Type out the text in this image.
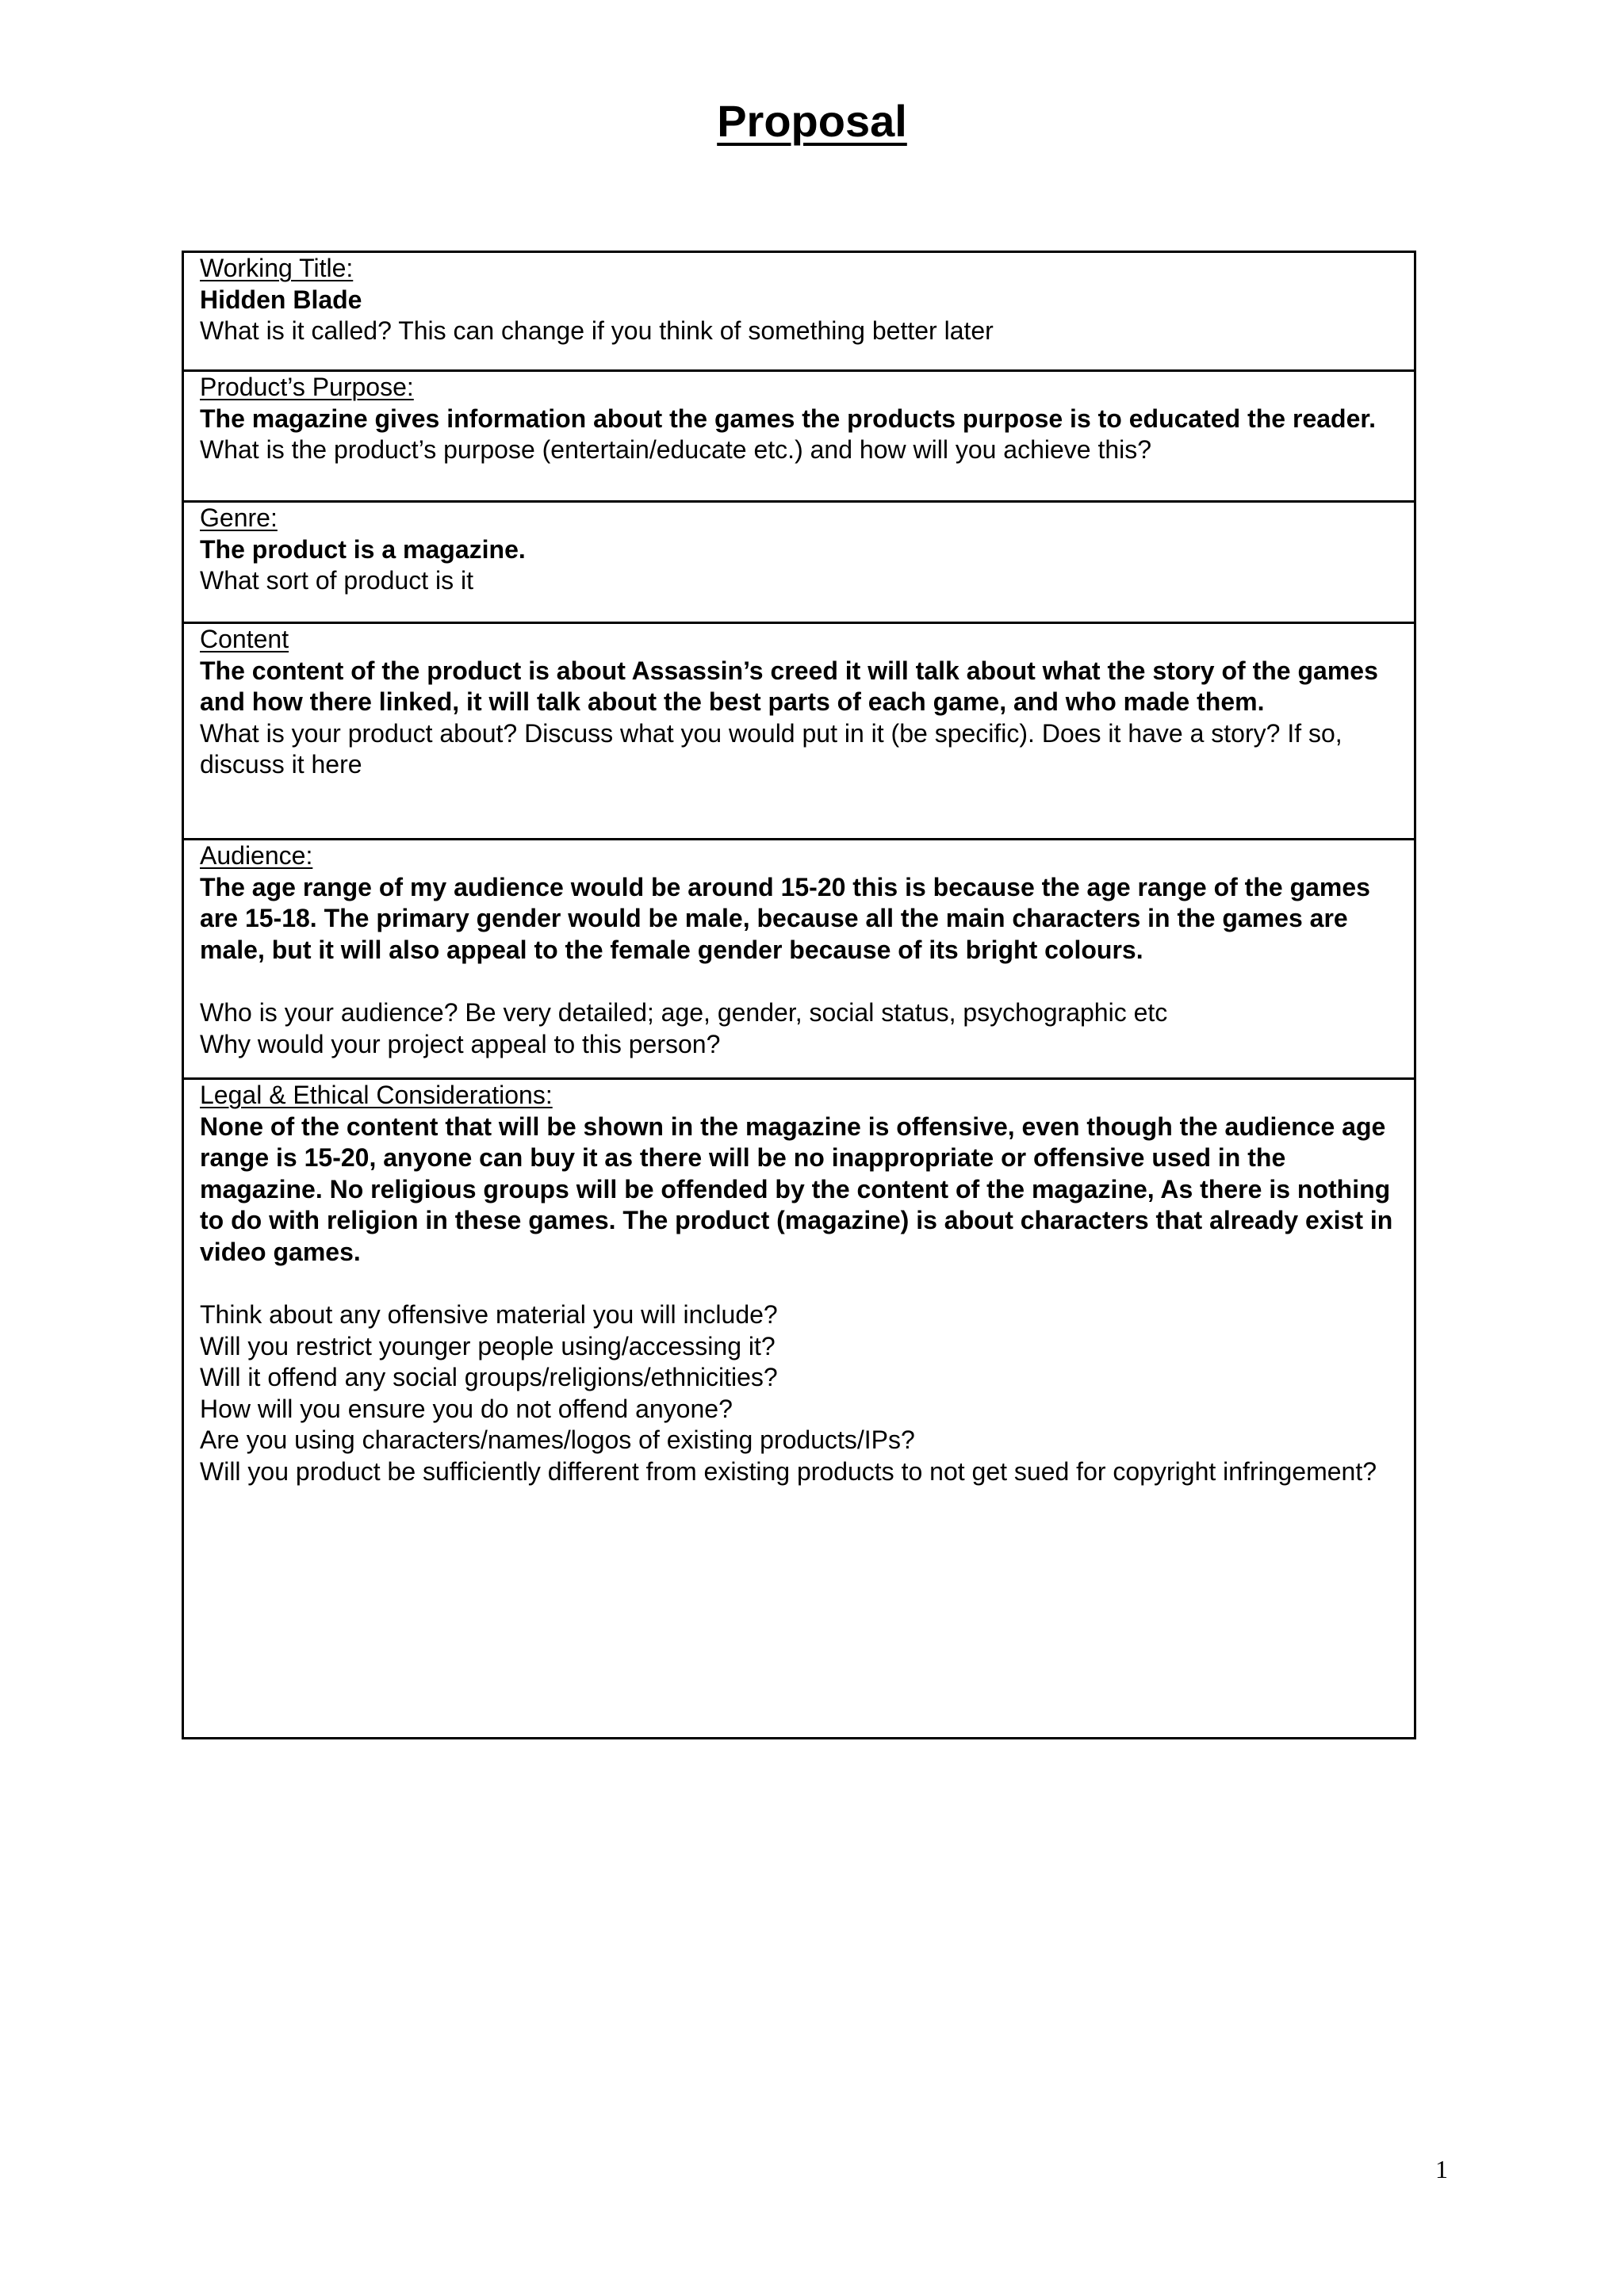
Proposal
Working Title:
Hidden Blade
What is it called? This can change if you think of something better later
Product’s Purpose:
The magazine gives information about the games the products purpose is to educated the reader.
What is the product’s purpose (entertain/educate etc.) and how will you achieve this?
Genre:
The product is a magazine.
What sort of product is it
Content
The content of the product is about Assassin’s creed it will talk about what the story of the games and how there linked, it will talk about the best parts of each game, and who made them.
What is your product about? Discuss what you would put in it (be specific). Does it have a story? If so, discuss it here
Audience:
The age range of my audience would be around 15-20 this is because the age range of the games are 15-18. The primary gender would be male, because all the main characters in the games are male, but it will also appeal to the female gender because of its bright colours.
Who is your audience? Be very detailed; age, gender, social status, psychographic etc
Why would your project appeal to this person?
Legal & Ethical Considerations:
None of the content that will be shown in the magazine is offensive, even though the audience age range is 15-20, anyone can buy it as there will be no inappropriate or offensive used in the magazine. No religious groups will be offended by the content of the magazine, As there is nothing to do with religion in these games. The product (magazine) is about characters that already exist in video games.
Think about any offensive material you will include?
Will you restrict younger people using/accessing it?
Will it offend any social groups/religions/ethnicities?
How will you ensure you do not offend anyone?
Are you using characters/names/logos of existing products/IPs?
Will you product be sufficiently different from existing products to not get sued for copyright infringement?
1
